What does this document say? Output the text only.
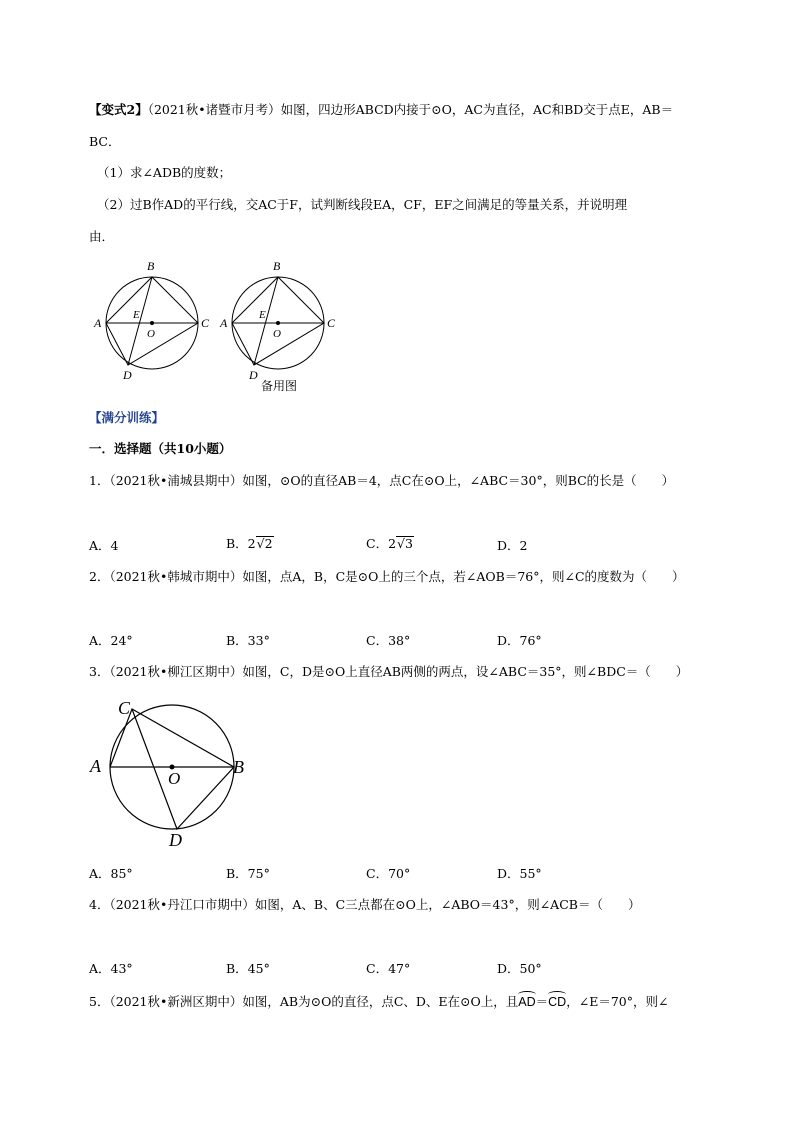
【变式2】（2021秋•诸暨市月考）如图，四边形ABCD内接于⊙O，AC为直径，AC和BD交于点E，AB＝
BC．
（1）求∠ADB的度数；
（2）过B作AD的平行线，交AC于F，试判断线段EA，CF，EF之间满足的等量关系，并说明理
由．
B
A	C
D
E
O
B
A	C
D
E
O
备用图
【满分训练】
一．选择题（共10小题）
1．（2021秋•浦城县期中）如图，⊙O的直径AB＝4，点C在⊙O上，∠ABC＝30°，则BC的长是（　　）
A．4	B．2√2	C．2√3	D．2
2．（2021秋•韩城市期中）如图，点A，B，C是⊙O上的三个点，若∠AOB＝76°，则∠C的度数为（　　）
A．24°	B．33°	C．38°	D．76°
3．（2021秋•柳江区期中）如图，C，D是⊙O上直径AB两侧的两点，设∠ABC＝35°，则∠BDC＝（　　）
C
A	B
D
O
A．85°	B．75°	C．70°	D．55°
4．（2021秋•丹江口市期中）如图，A、B、C三点都在⊙O上，∠ABO＝43°，则∠ACB＝（　　）
A．43°	B．45°	C．47°	D．50°
5．（2021秋•新洲区期中）如图，AB为⊙O的直径，点C、D、E在⊙O上，且AD＝CD，∠E＝70°，则∠
